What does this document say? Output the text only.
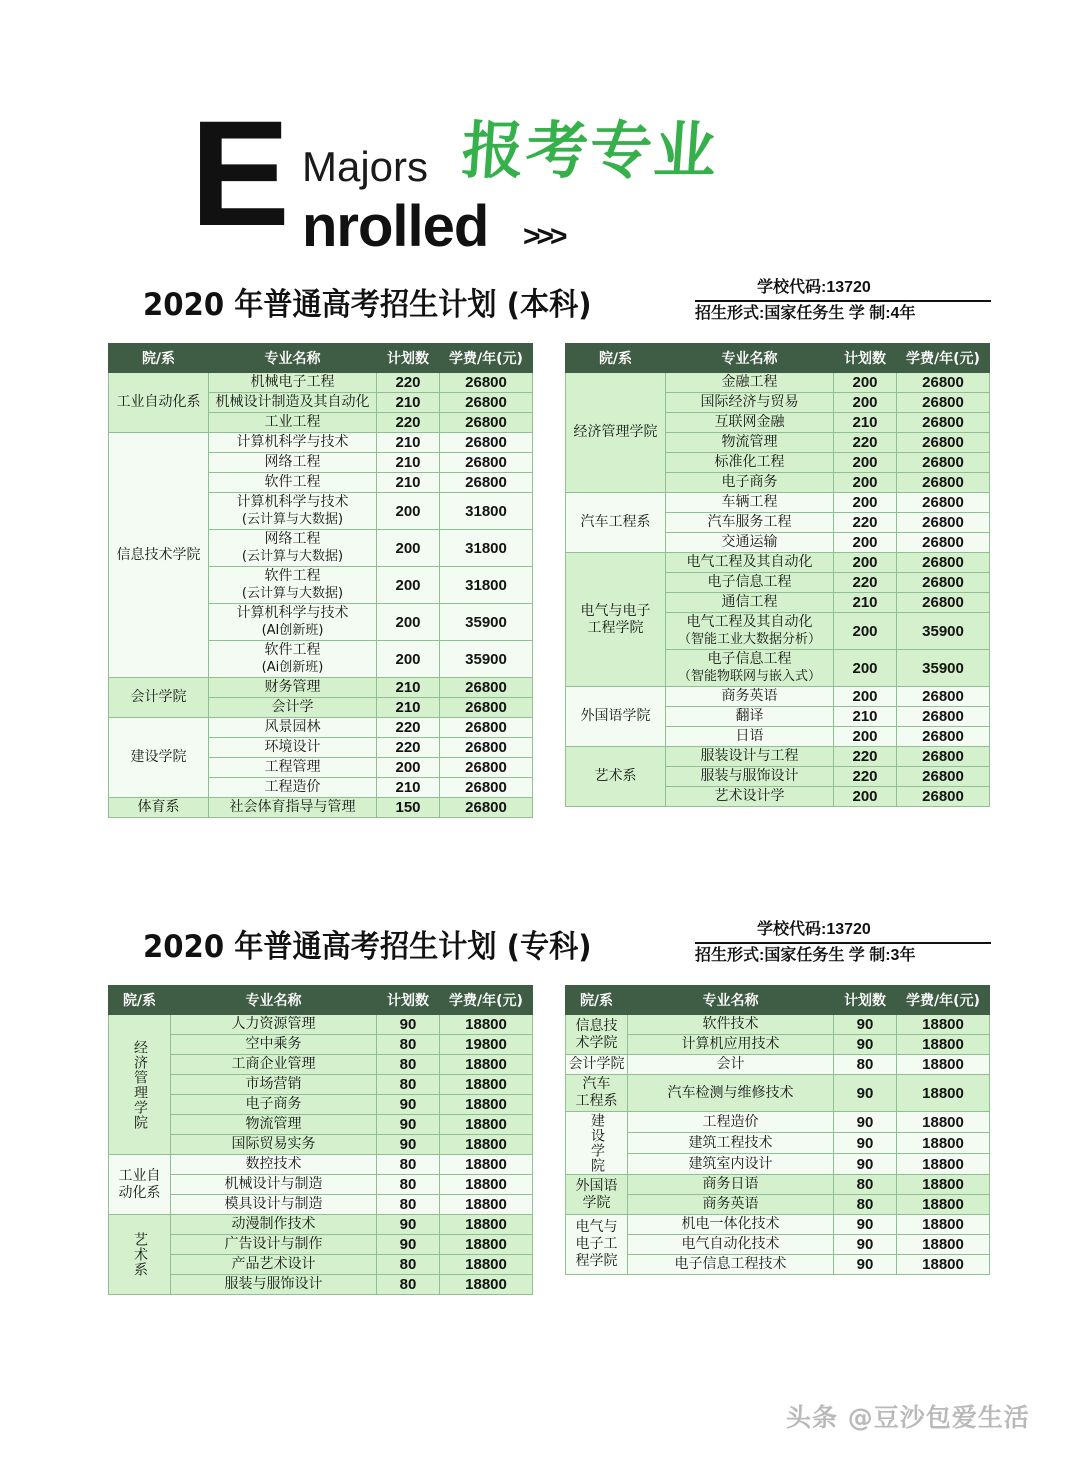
E Majors 报考专业
nrolled >>>
2020 年普通高考招生计划 (本科)	学校代码:13720
招生形式:国家任务生 学 制:4年
院/系	专业名称	计划数	学费/年(元)
工业自动化系	机械电子工程	220	26800
	机械设计制造及其自动化	210	26800
	工业工程	220	26800
信息技术学院	计算机科学与技术	210	26800
	网络工程	210	26800
	软件工程	210	26800
	计算机科学与技术
(云计算与大数据)	200	31800
	网络工程
(云计算与大数据)	200	31800
	软件工程
(云计算与大数据)	200	31800
	计算机科学与技术
(AI创新班)	200	35900
	软件工程
(Ai创新班)	200	35900
会计学院	财务管理	210	26800
	会计学	210	26800
建设学院	风景园林	220	26800
	环境设计	220	26800
	工程管理	200	26800
	工程造价	210	26800
体育系	社会体育指导与管理	150	26800
院/系	专业名称	计划数	学费/年(元)
经济管理学院	金融工程	200	26800
	国际经济与贸易	200	26800
	互联网金融	210	26800
	物流管理	220	26800
	标准化工程	200	26800
	电子商务	200	26800
汽车工程系	车辆工程	200	26800
	汽车服务工程	220	26800
	交通运输	200	26800
电气与电子
工程学院	电气工程及其自动化	200	26800
	电子信息工程	220	26800
	通信工程	210	26800
	电气工程及其自动化
（智能工业大数据分析）	200	35900
	电子信息工程
（智能物联网与嵌入式）	200	35900
外国语学院	商务英语	200	26800
	翻译	210	26800
	日语	200	26800
艺术系	服装设计与工程	220	26800
	服装与服饰设计	220	26800
	艺术设计学	200	26800
2020 年普通高考招生计划 (专科)	学校代码:13720
招生形式:国家任务生 学 制:3年
院/系	专业名称	计划数	学费/年(元)
经济管理学院	人力资源管理	90	18800
	空中乘务	80	19800
	工商企业管理	80	18800
	市场营销	80	18800
	电子商务	90	18800
	物流管理	90	18800
	国际贸易实务	90	18800
工业自
动化系	数控技术	80	18800
	机械设计与制造	80	18800
	模具设计与制造	80	18800
艺术系	动漫制作技术	90	18800
	广告设计与制作	90	18800
	产品艺术设计	80	18800
	服装与服饰设计	80	18800
院/系	专业名称	计划数	学费/年(元)
信息技
术学院	软件技术	90	18800
	计算机应用技术	90	18800
会计学院	会计	80	18800
汽车
工程系	汽车检测与维修技术	90	18800
建设学院	工程造价	90	18800
	建筑工程技术	90	18800
	建筑室内设计	90	18800
外国语
学院	商务日语	80	18800
	商务英语	80	18800
电气与
电子工
程学院	机电一体化技术	90	18800
	电气自动化技术	90	18800
	电子信息工程技术	90	18800
头条 @豆沙包爱生活
